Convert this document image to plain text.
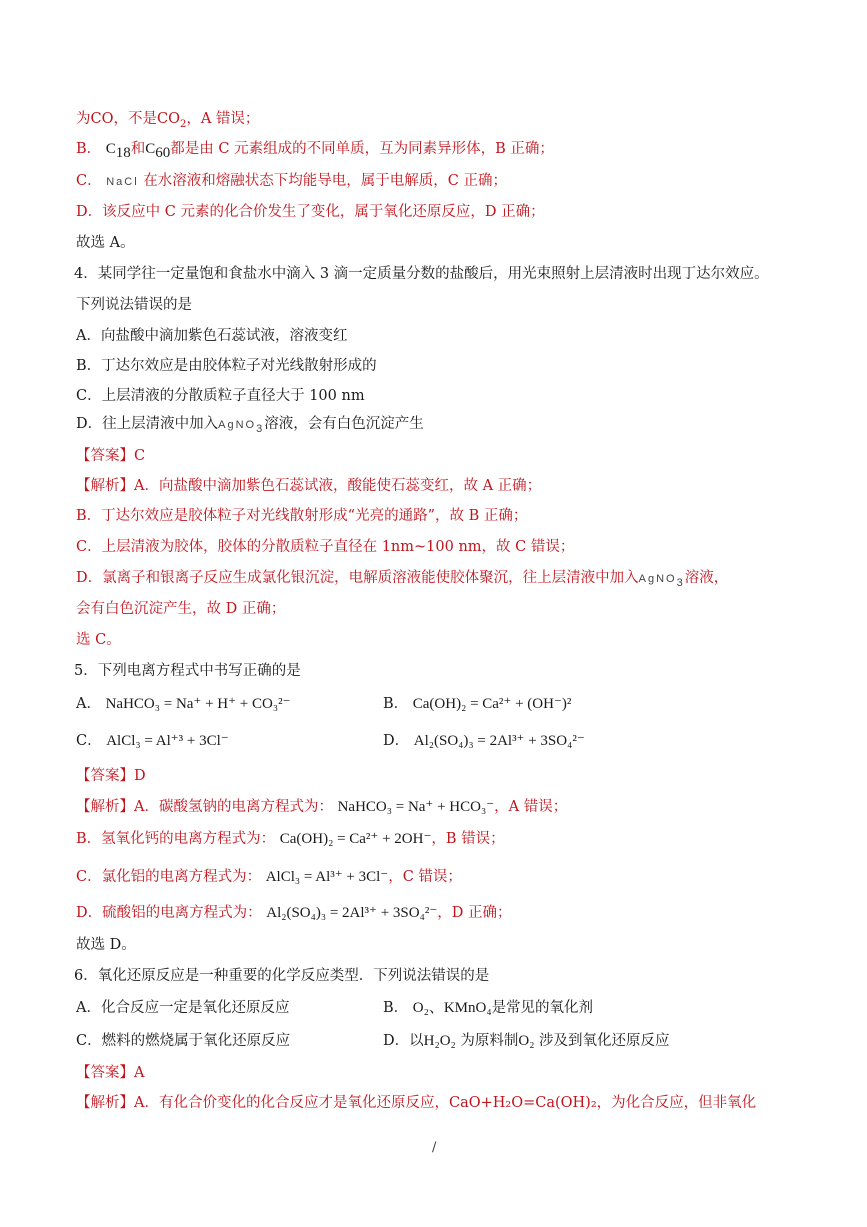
为CO，不是$CO_2$，A 错误；
B． $C_{18}$和$C_{60}$都是由 C 元素组成的不同单质，互为同素异形体，B 正确；
C． NaCl 在水溶液和熔融状态下均能导电，属于电解质，C 正确；
D．该反应中 C 元素的化合价发生了变化，属于氧化还原反应，D 正确；
故选 A。
4．某同学往一定量饱和食盐水中滴入 3 滴一定质量分数的盐酸后，用光束照射上层清液时出现丁达尔效应。
下列说法错误的是
A．向盐酸中滴加紫色石蕊试液，溶液变红
B．丁达尔效应是由胶体粒子对光线散射形成的
C．上层清液的分散质粒子直径大于 100 nm
D．往上层清液中加入AgNO$_3$溶液，会有白色沉淀产生
【答案】C
【解析】A．向盐酸中滴加紫色石蕊试液，酸能使石蕊变红，故 A 正确；
B．丁达尔效应是胶体粒子对光线散射形成“光亮的通路”，故 B 正确；
C．上层清液为胶体，胶体的分散质粒子直径在 1nm~100 nm，故 C 错误；
D．氯离子和银离子反应生成氯化银沉淀，电解质溶液能使胶体聚沉，往上层清液中加入AgNO$_3$溶液，
会有白色沉淀产生，故 D 正确；
选 C。
5．下列电离方程式中书写正确的是
A． NaHCO₃ = Na⁺ + H⁺ + CO₃²⁻	B． Ca(OH)₂ = Ca²⁺ + (OH⁻)²
C． AlCl₃ = Al⁺³ + 3Cl⁻	D． Al₂(SO₄)₃ = 2Al³⁺ + 3SO₄²⁻
【答案】D
【解析】A．碳酸氢钠的电离方程式为： NaHCO₃ = Na⁺ + HCO₃⁻，A 错误；
B．氢氧化钙的电离方程式为： Ca(OH)₂ = Ca²⁺ + 2OH⁻，B 错误；
C．氯化铝的电离方程式为： AlCl₃ = Al³⁺ + 3Cl⁻，C 错误；
D．硫酸铝的电离方程式为： Al₂(SO₄)₃ = 2Al³⁺ + 3SO₄²⁻，D 正确；
故选 D。
6．氧化还原反应是一种重要的化学反应类型．下列说法错误的是
A．化合反应一定是氧化还原反应	B． O₂、KMnO₄是常见的氧化剂
C．燃料的燃烧属于氧化还原反应	D．以H₂O₂ 为原料制O₂ 涉及到氧化还原反应
【答案】A
【解析】A．有化合价变化的化合反应才是氧化还原反应，CaO+H₂O=Ca(OH)₂，为化合反应，但非氧化
/
